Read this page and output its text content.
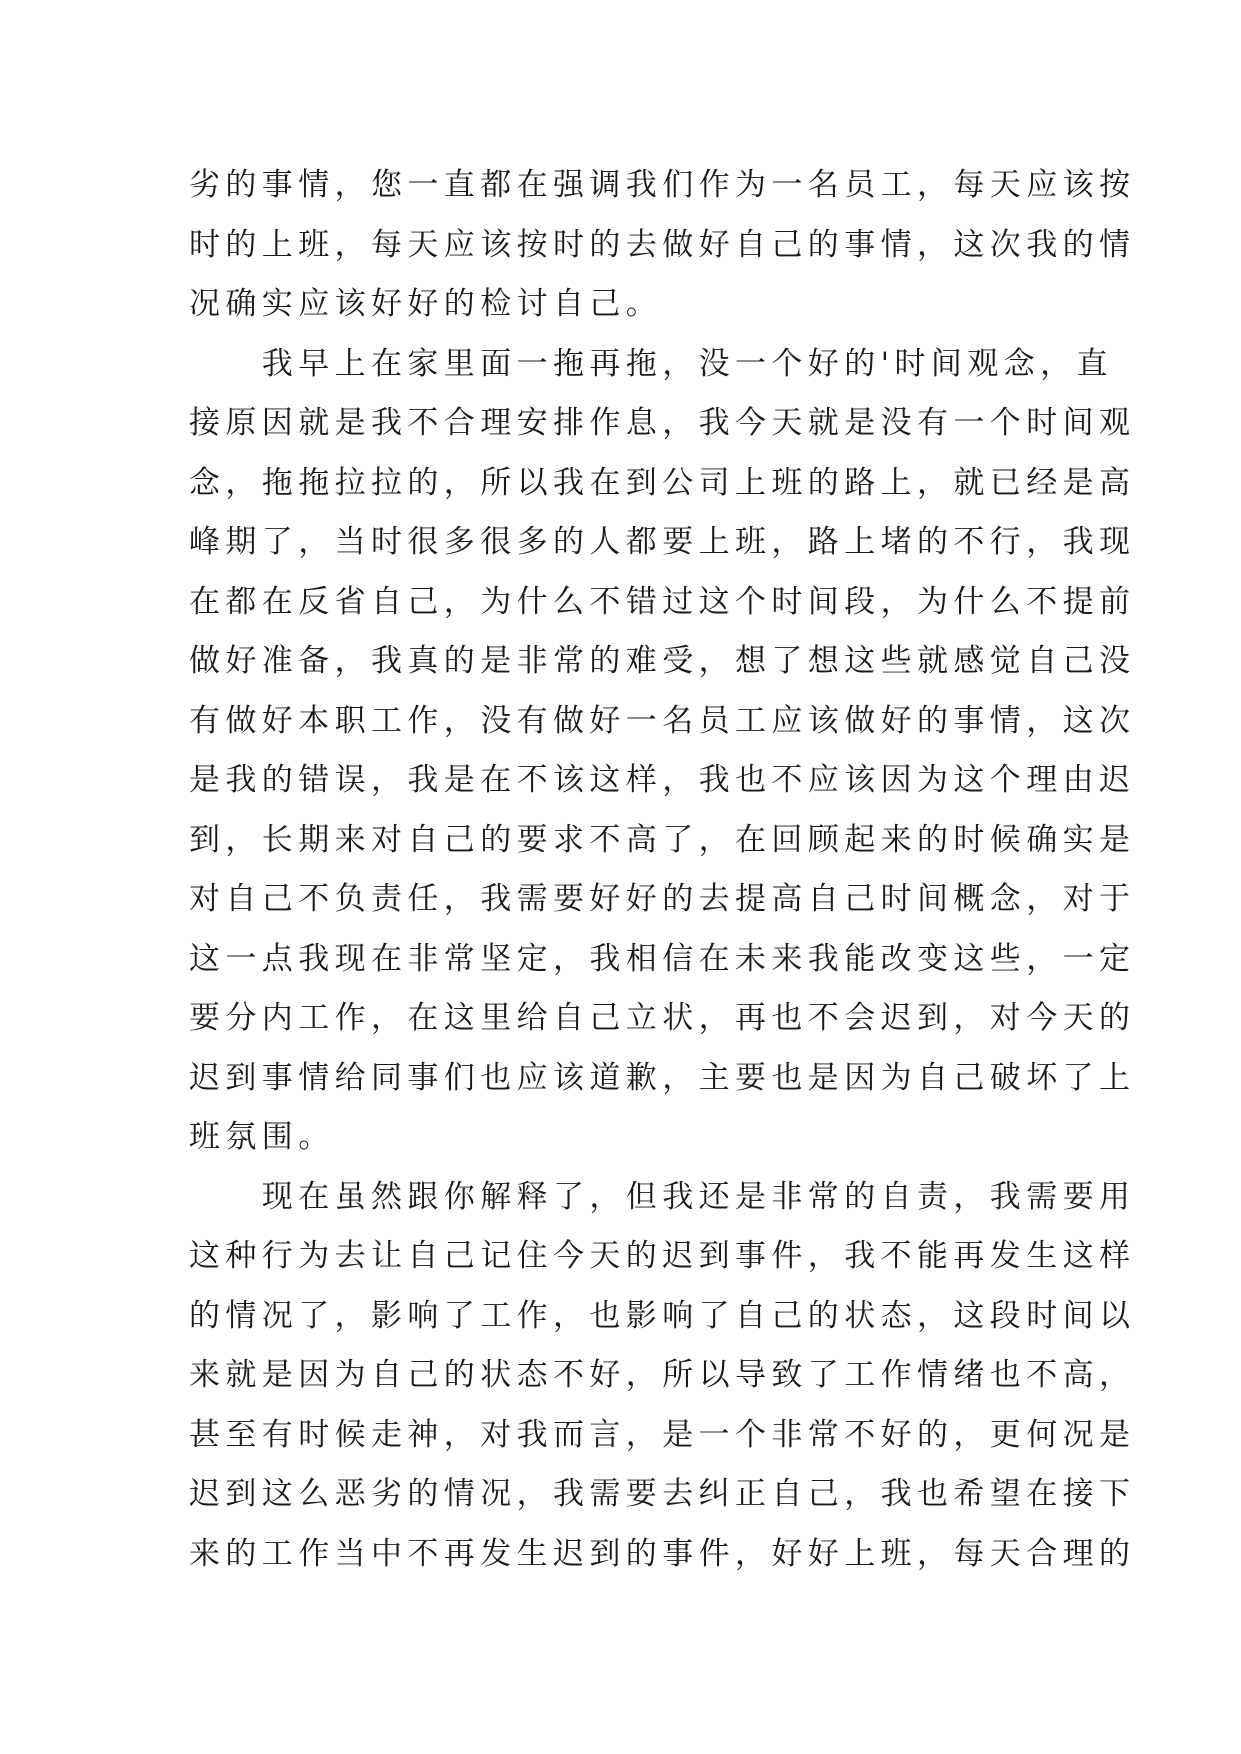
劣的事情，您一直都在强调我们作为一名员工，每天应该按
时的上班，每天应该按时的去做好自己的事情，这次我的情
况确实应该好好的检讨自己。
　　我早上在家里面一拖再拖，没一个好的'时间观念，直
接原因就是我不合理安排作息，我今天就是没有一个时间观
念，拖拖拉拉的，所以我在到公司上班的路上，就已经是高
峰期了，当时很多很多的人都要上班，路上堵的不行，我现
在都在反省自己，为什么不错过这个时间段，为什么不提前
做好准备，我真的是非常的难受，想了想这些就感觉自己没
有做好本职工作，没有做好一名员工应该做好的事情，这次
是我的错误，我是在不该这样，我也不应该因为这个理由迟
到，长期来对自己的要求不高了，在回顾起来的时候确实是
对自己不负责任，我需要好好的去提高自己时间概念，对于
这一点我现在非常坚定，我相信在未来我能改变这些，一定
要分内工作，在这里给自己立状，再也不会迟到，对今天的
迟到事情给同事们也应该道歉，主要也是因为自己破坏了上
班氛围。
　　现在虽然跟你解释了，但我还是非常的自责，我需要用
这种行为去让自己记住今天的迟到事件，我不能再发生这样
的情况了，影响了工作，也影响了自己的状态，这段时间以
来就是因为自己的状态不好，所以导致了工作情绪也不高，
甚至有时候走神，对我而言，是一个非常不好的，更何况是
迟到这么恶劣的情况，我需要去纠正自己，我也希望在接下
来的工作当中不再发生迟到的事件，好好上班，每天合理的
